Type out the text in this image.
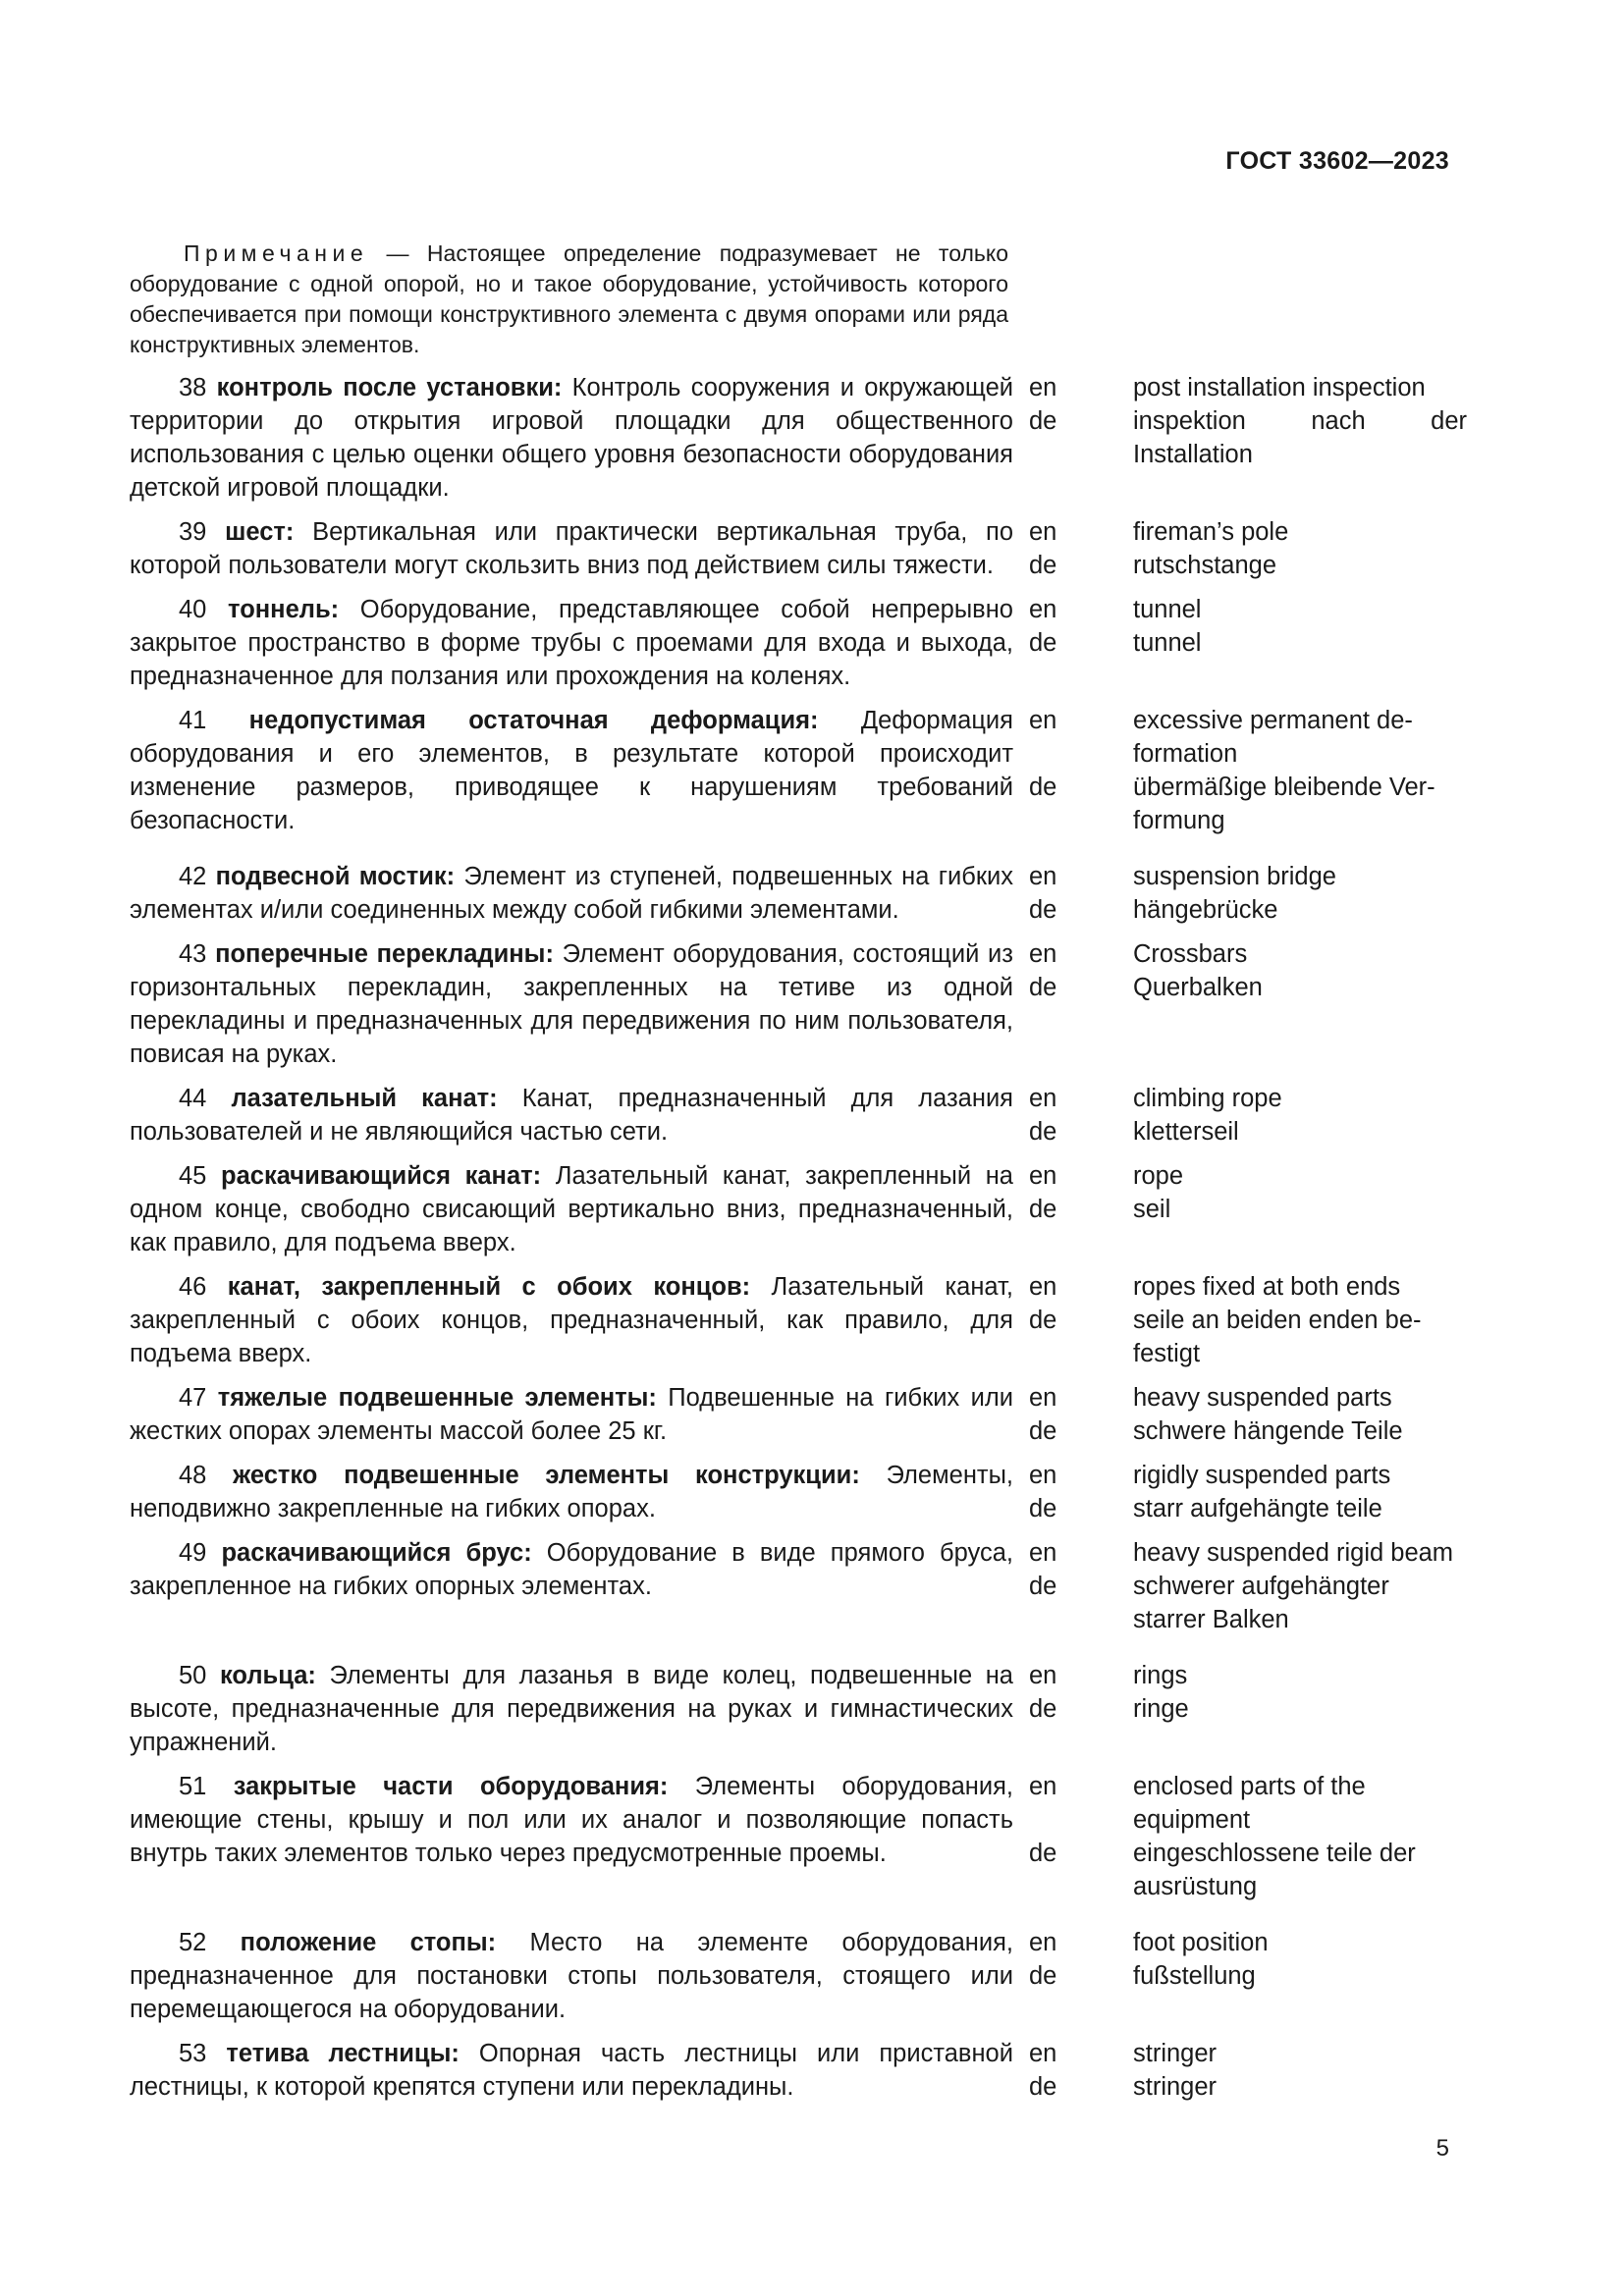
ГОСТ 33602—2023
Примечание — Настоящее определение подразумевает не только оборудование с одной опорой, но и такое оборудование, устойчивость которого обеспечивается при помощи конструктивного элемента с двумя опорами или ряда конструктивных элементов.
38 контроль после установки: Контроль сооружения и окружающей территории до открытия игровой площадки для общественного использования с целью оценки общего уровня безопасности оборудования детской игровой площадки.
en
de
post installation inspection
inspektion nach der Installation
39 шест: Вертикальная или практически вертикальная труба, по которой пользователи могут скользить вниз под действием силы тяжести.
en
de
fireman’s pole
rutschstange
40 тоннель: Оборудование, представляющее собой непрерывно закрытое пространство в форме трубы с проемами для входа и выхода, предназначенное для ползания или прохождения на коленях.
en
de
tunnel
tunnel
41 недопустимая остаточная деформация: Деформация оборудования и его элементов, в результате которой происходит изменение размеров, приводящее к нарушениям требований безопасности.
en
de
excessive permanent de-
formation
übermäßige bleibende Ver-
formung
42 подвесной мостик: Элемент из ступеней, подвешенных на гибких элементах и/или соединенных между собой гибкими элементами.
en
de
suspension bridge
hängebrücke
43 поперечные перекладины: Элемент оборудования, состоящий из горизонтальных перекладин, закрепленных на тетиве из одной перекладины и предназначенных для передвижения по ним пользователя, повисая на руках.
en
de
Crossbars
Querbalken
44 лазательный канат: Канат, предназначенный для лазания пользователей и не являющийся частью сети.
en
de
climbing rope
kletterseil
45 раскачивающийся канат: Лазательный канат, закрепленный на одном конце, свободно свисающий вертикально вниз, предназначенный, как правило, для подъема вверх.
en
de
rope
seil
46 канат, закрепленный с обоих концов: Лазательный канат, закрепленный с обоих концов, предназначенный, как правило, для подъема вверх.
en
de
ropes fixed at both ends
seile an beiden enden be-
festigt
47 тяжелые подвешенные элементы: Подвешенные на гибких или жестких опорах элементы массой более 25 кг.
en
de
heavy suspended parts
schwere hängende Teile
48 жестко подвешенные элементы конструкции: Элементы, неподвижно закрепленные на гибких опорах.
en
de
rigidly suspended parts
starr aufgehängte teile
49 раскачивающийся брус: Оборудование в виде прямого бруса, закрепленное на гибких опорных элементах.
en
de
heavy suspended rigid beam
schwerer aufgehängter
starrer Balken
50 кольца: Элементы для лазанья в виде колец, подвешенные на высоте, предназначенные для передвижения на руках и гимнастических упражнений.
en
de
rings
ringe
51 закрытые части оборудования: Элементы оборудования, имеющие стены, крышу и пол или их аналог и позволяющие попасть внутрь таких элементов только через предусмотренные проемы.
en
de
enclosed parts of the
equipment
eingeschlossene teile der
ausrüstung
52 положение стопы: Место на элементе оборудования, предназначенное для постановки стопы пользователя, стоящего или перемещающегося на оборудовании.
en
de
foot position
fußstellung
53 тетива лестницы: Опорная часть лестницы или приставной лестницы, к которой крепятся ступени или перекладины.
en
de
stringer
stringer
5
